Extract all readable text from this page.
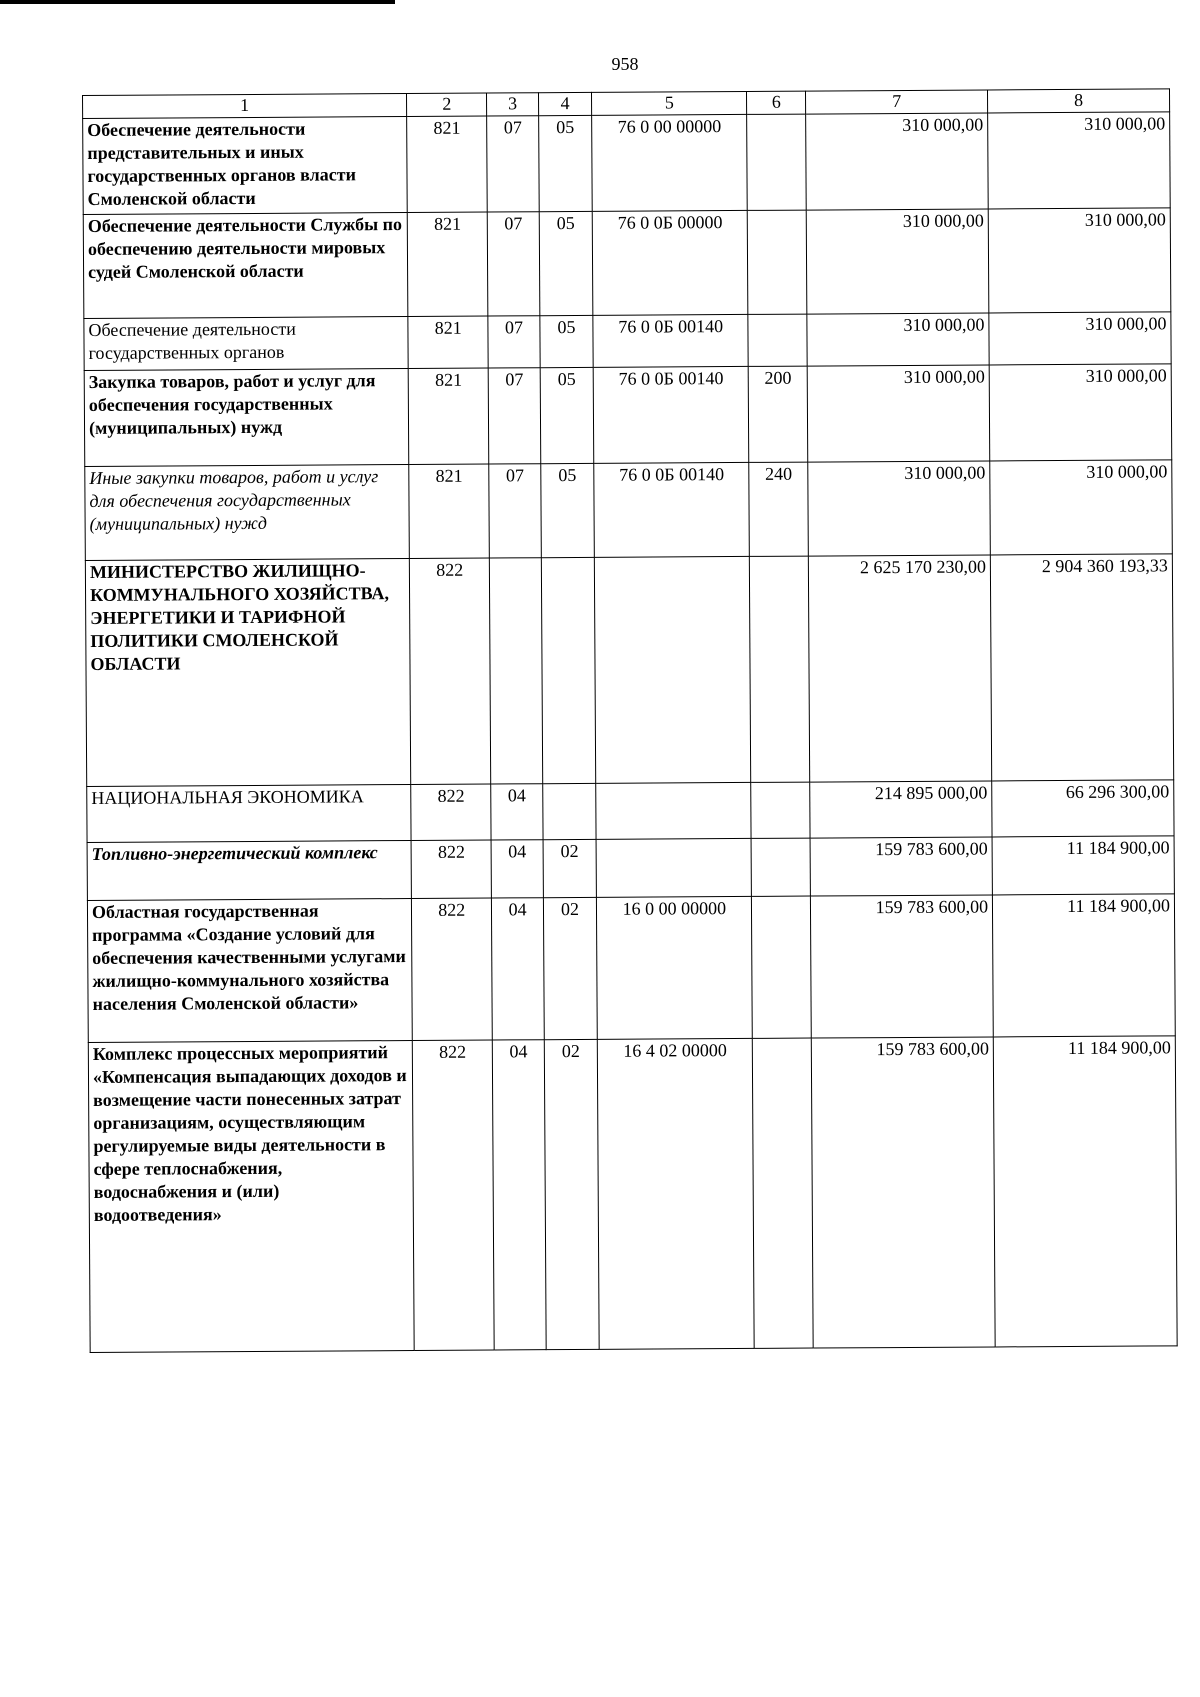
958
1	2	3	4	5	6	7	8
Обеспечение деятельности представительных и иных государственных органов власти Смоленской области	821	07	05	76 0 00 00000		310 000,00	310 000,00
Обеспечение деятельности Службы по обеспечению деятельности мировых судей Смоленской области	821	07	05	76 0 0Б 00000		310 000,00	310 000,00
Обеспечение деятельности государственных органов	821	07	05	76 0 0Б 00140		310 000,00	310 000,00
Закупка товаров, работ и услуг для обеспечения государственных (муниципальных) нужд	821	07	05	76 0 0Б 00140	200	310 000,00	310 000,00
Иные закупки товаров, работ и услуг для обеспечения государственных (муниципальных) нужд	821	07	05	76 0 0Б 00140	240	310 000,00	310 000,00
МИНИСТЕРСТВО ЖИЛИЩНО-КОММУНАЛЬНОГО ХОЗЯЙСТВА, ЭНЕРГЕТИКИ И ТАРИФНОЙ ПОЛИТИКИ СМОЛЕНСКОЙ ОБЛАСТИ	822					2 625 170 230,00	2 904 360 193,33
НАЦИОНАЛЬНАЯ ЭКОНОМИКА	822	04				214 895 000,00	66 296 300,00
Топливно-энергетический комплекс	822	04	02			159 783 600,00	11 184 900,00
Областная государственная программа «Создание условий для обеспечения качественными услугами жилищно-коммунального хозяйства населения Смоленской области»	822	04	02	16 0 00 00000		159 783 600,00	11 184 900,00
Комплекс процессных мероприятий «Компенсация выпадающих доходов и возмещение части понесенных затрат организациям, осуществляющим регулируемые виды деятельности в сфере теплоснабжения, водоснабжения и (или) водоотведения»	822	04	02	16 4 02 00000		159 783 600,00	11 184 900,00
